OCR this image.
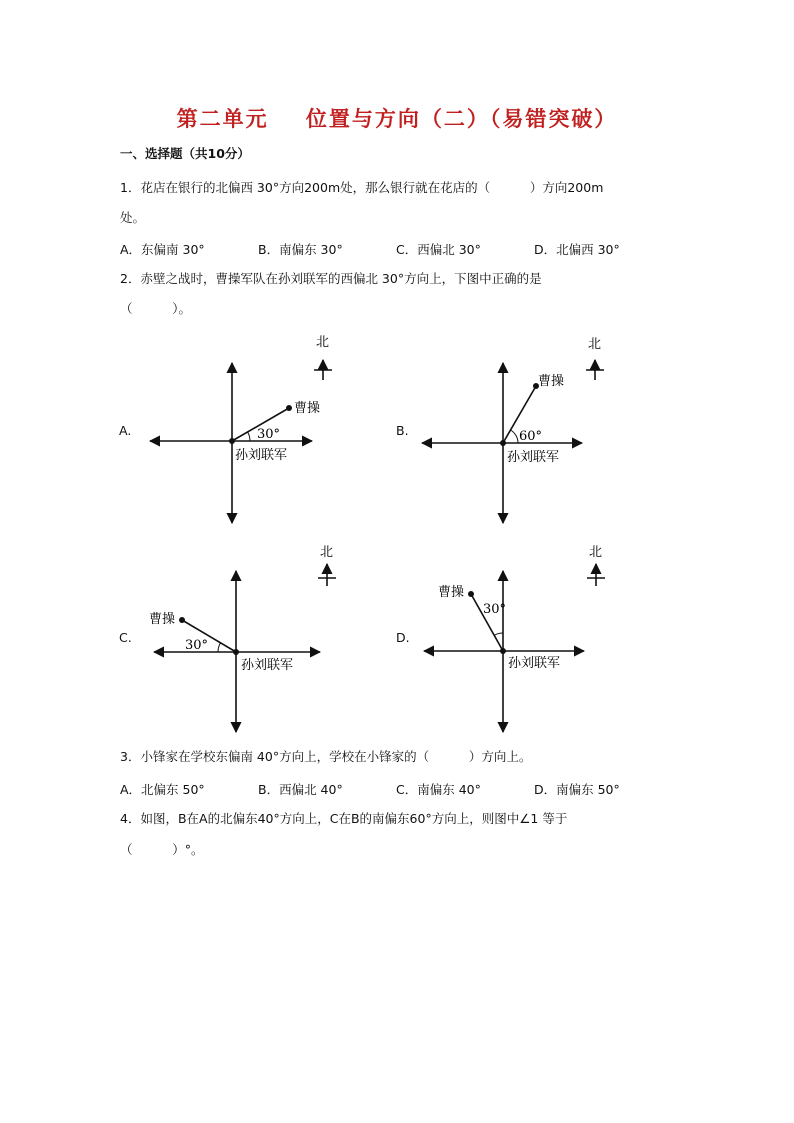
第二单元    位置与方向（二）（易错突破）
一、选择题（共10分）
1．花店在银行的北偏西 30°方向200m处，那么银行就在花店的（          ）方向200m
处。
A．东偏南 30°	B．南偏东 30°	C．西偏北 30°	D．北偏西 30°
2．赤壁之战时，曹操军队在孙刘联军的西偏北 30°方向上，下图中正确的是
（          ）。
A.	30°
曹操
孙刘联军
北
B.	60°
曹操
孙刘联军
北
C.
30°
曹操
孙刘联军
北
D.
30°
曹操
孙刘联军
北
3．小锋家在学校东偏南 40°方向上，学校在小锋家的（          ）方向上。
A．北偏东 50°	B．西偏北 40°	C．南偏东 40°	D．南偏东 50°
4．如图，B在A的北偏东40°方向上，C在B的南偏东60°方向上，则图中∠1 等于
（          ）°。
